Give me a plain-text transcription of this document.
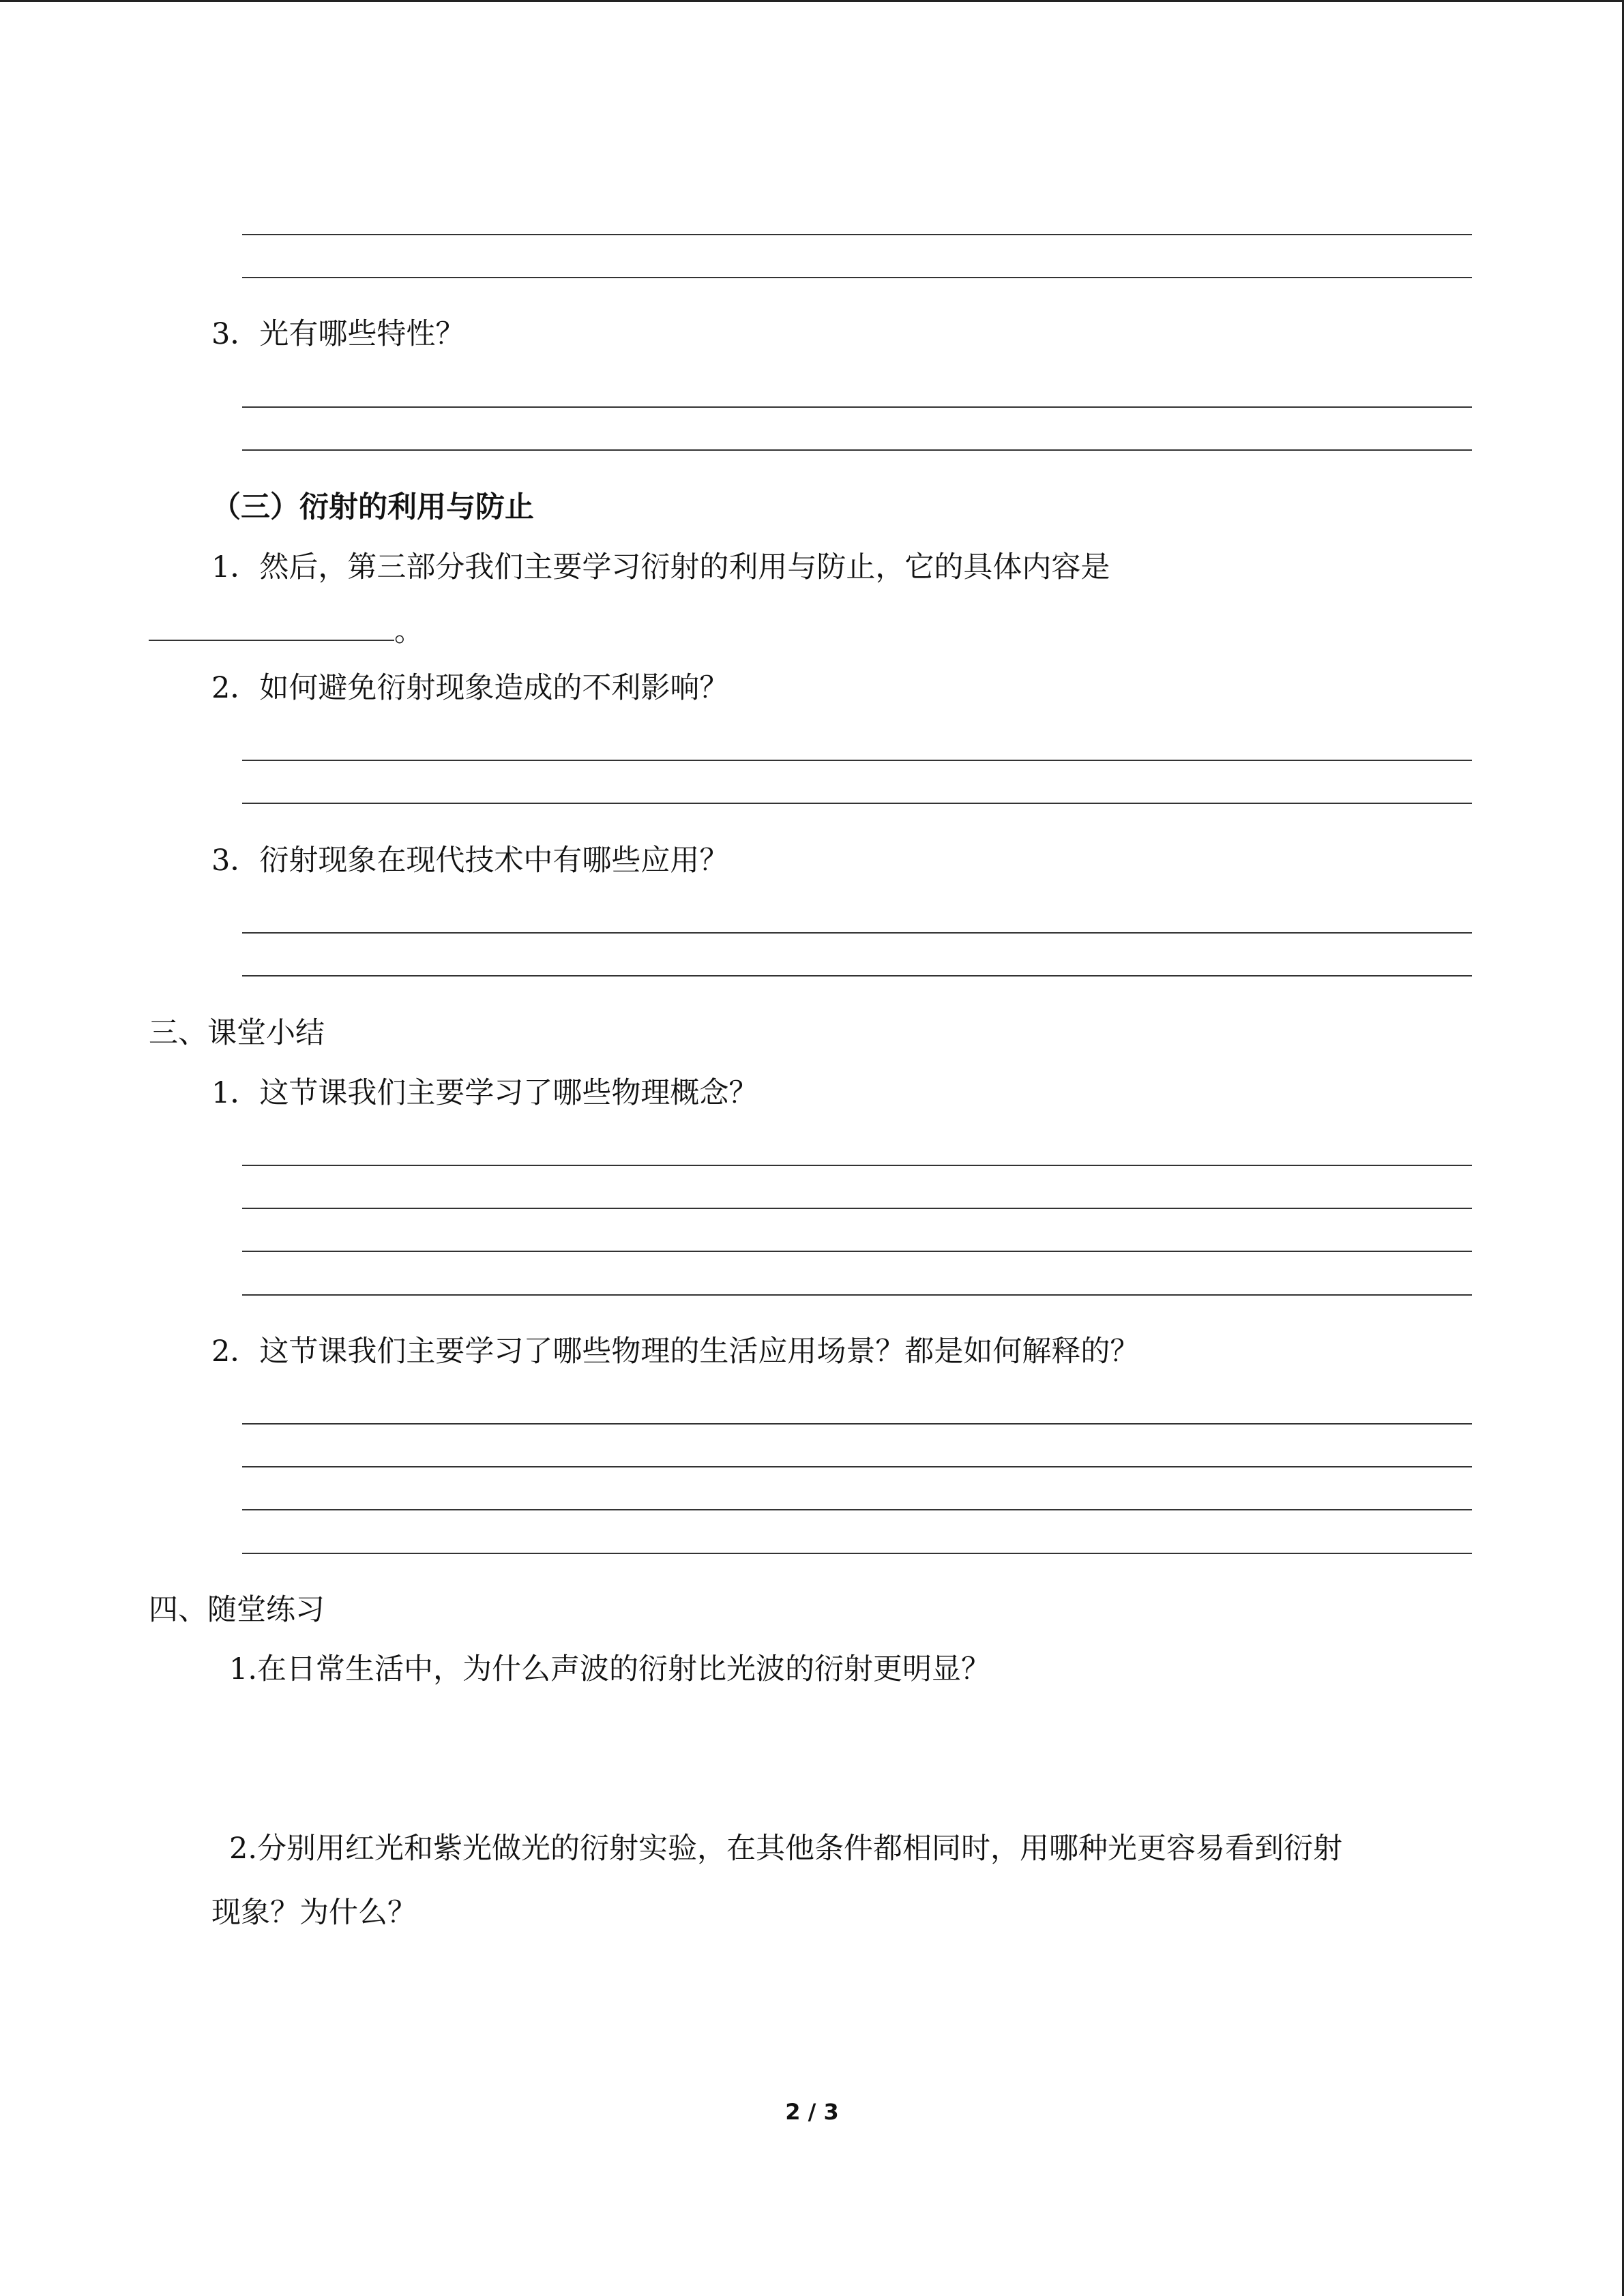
3．光有哪些特性？
（三）衍射的利用与防止
1．然后，第三部分我们主要学习衍射的利用与防止，它的具体内容是
。
2．如何避免衍射现象造成的不利影响？
3．衍射现象在现代技术中有哪些应用？
三、课堂小结
1．这节课我们主要学习了哪些物理概念？
2．这节课我们主要学习了哪些物理的生活应用场景？都是如何解释的？
四、随堂练习
1.在日常生活中，为什么声波的衍射比光波的衍射更明显？
2.分别用红光和紫光做光的衍射实验，在其他条件都相同时，用哪种光更容易看到衍射
现象？为什么？
2 / 3
